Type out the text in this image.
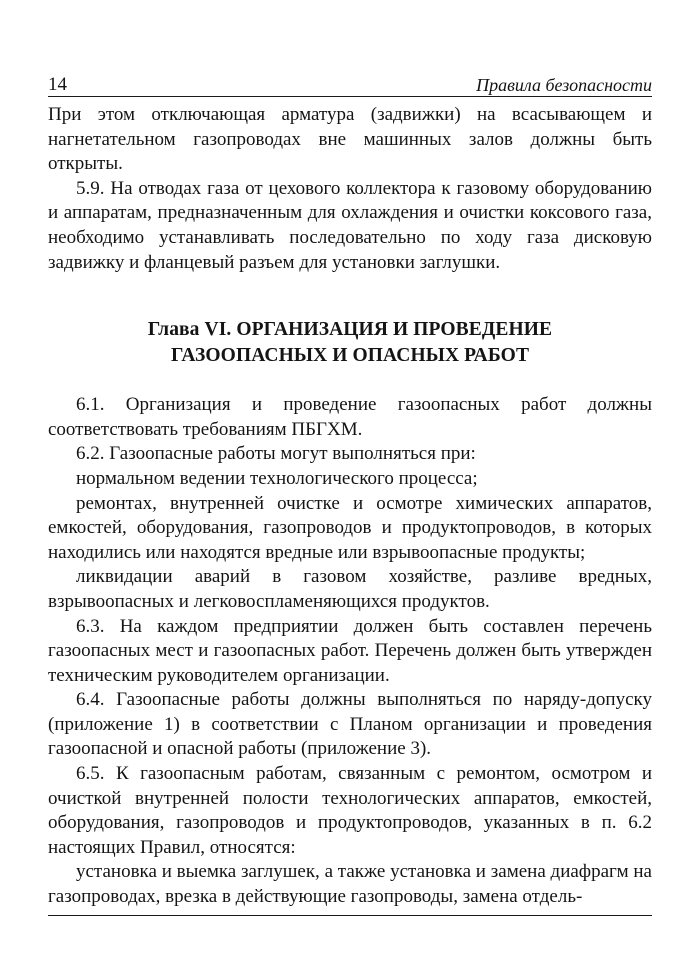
14	Правила безопасности

При этом отключающая арматура (задвижки) на всасывающем и нагнетательном газопроводах вне машинных залов должны быть открыты.

5.9. На отводах газа от цехового коллектора к газовому оборудованию и аппаратам, предназначенным для охлаждения и очистки коксового газа, необходимо устанавливать последовательно по ходу газа дисковую задвижку и фланцевый разъем для установки заглушки.

Глава VI. ОРГАНИЗАЦИЯ И ПРОВЕДЕНИЕ
ГАЗООПАСНЫХ И ОПАСНЫХ РАБОТ

6.1. Организация и проведение газоопасных работ должны соответствовать требованиям ПБГХМ.

6.2. Газоопасные работы могут выполняться при:

нормальном ведении технологического процесса;

ремонтах, внутренней очистке и осмотре химических аппаратов, емкостей, оборудования, газопроводов и продуктопроводов, в которых находились или находятся вредные или взрывоопасные продукты;

ликвидации аварий в газовом хозяйстве, разливе вредных, взрывоопасных и легковоспламеняющихся продуктов.

6.3. На каждом предприятии должен быть составлен перечень газоопасных мест и газоопасных работ. Перечень должен быть утвержден техническим руководителем организации.

6.4. Газоопасные работы должны выполняться по наряду-допуску (приложение 1) в соответствии с Планом организации и проведения газоопасной и опасной работы (приложение 3).

6.5. К газоопасным работам, связанным с ремонтом, осмотром и очисткой внутренней полости технологических аппаратов, емкостей, оборудования, газопроводов и продуктопроводов, указанных в п. 6.2 настоящих Правил, относятся:

установка и выемка заглушек, а также установка и замена диафрагм на газопроводах, врезка в действующие газопроводы, замена отдель-
